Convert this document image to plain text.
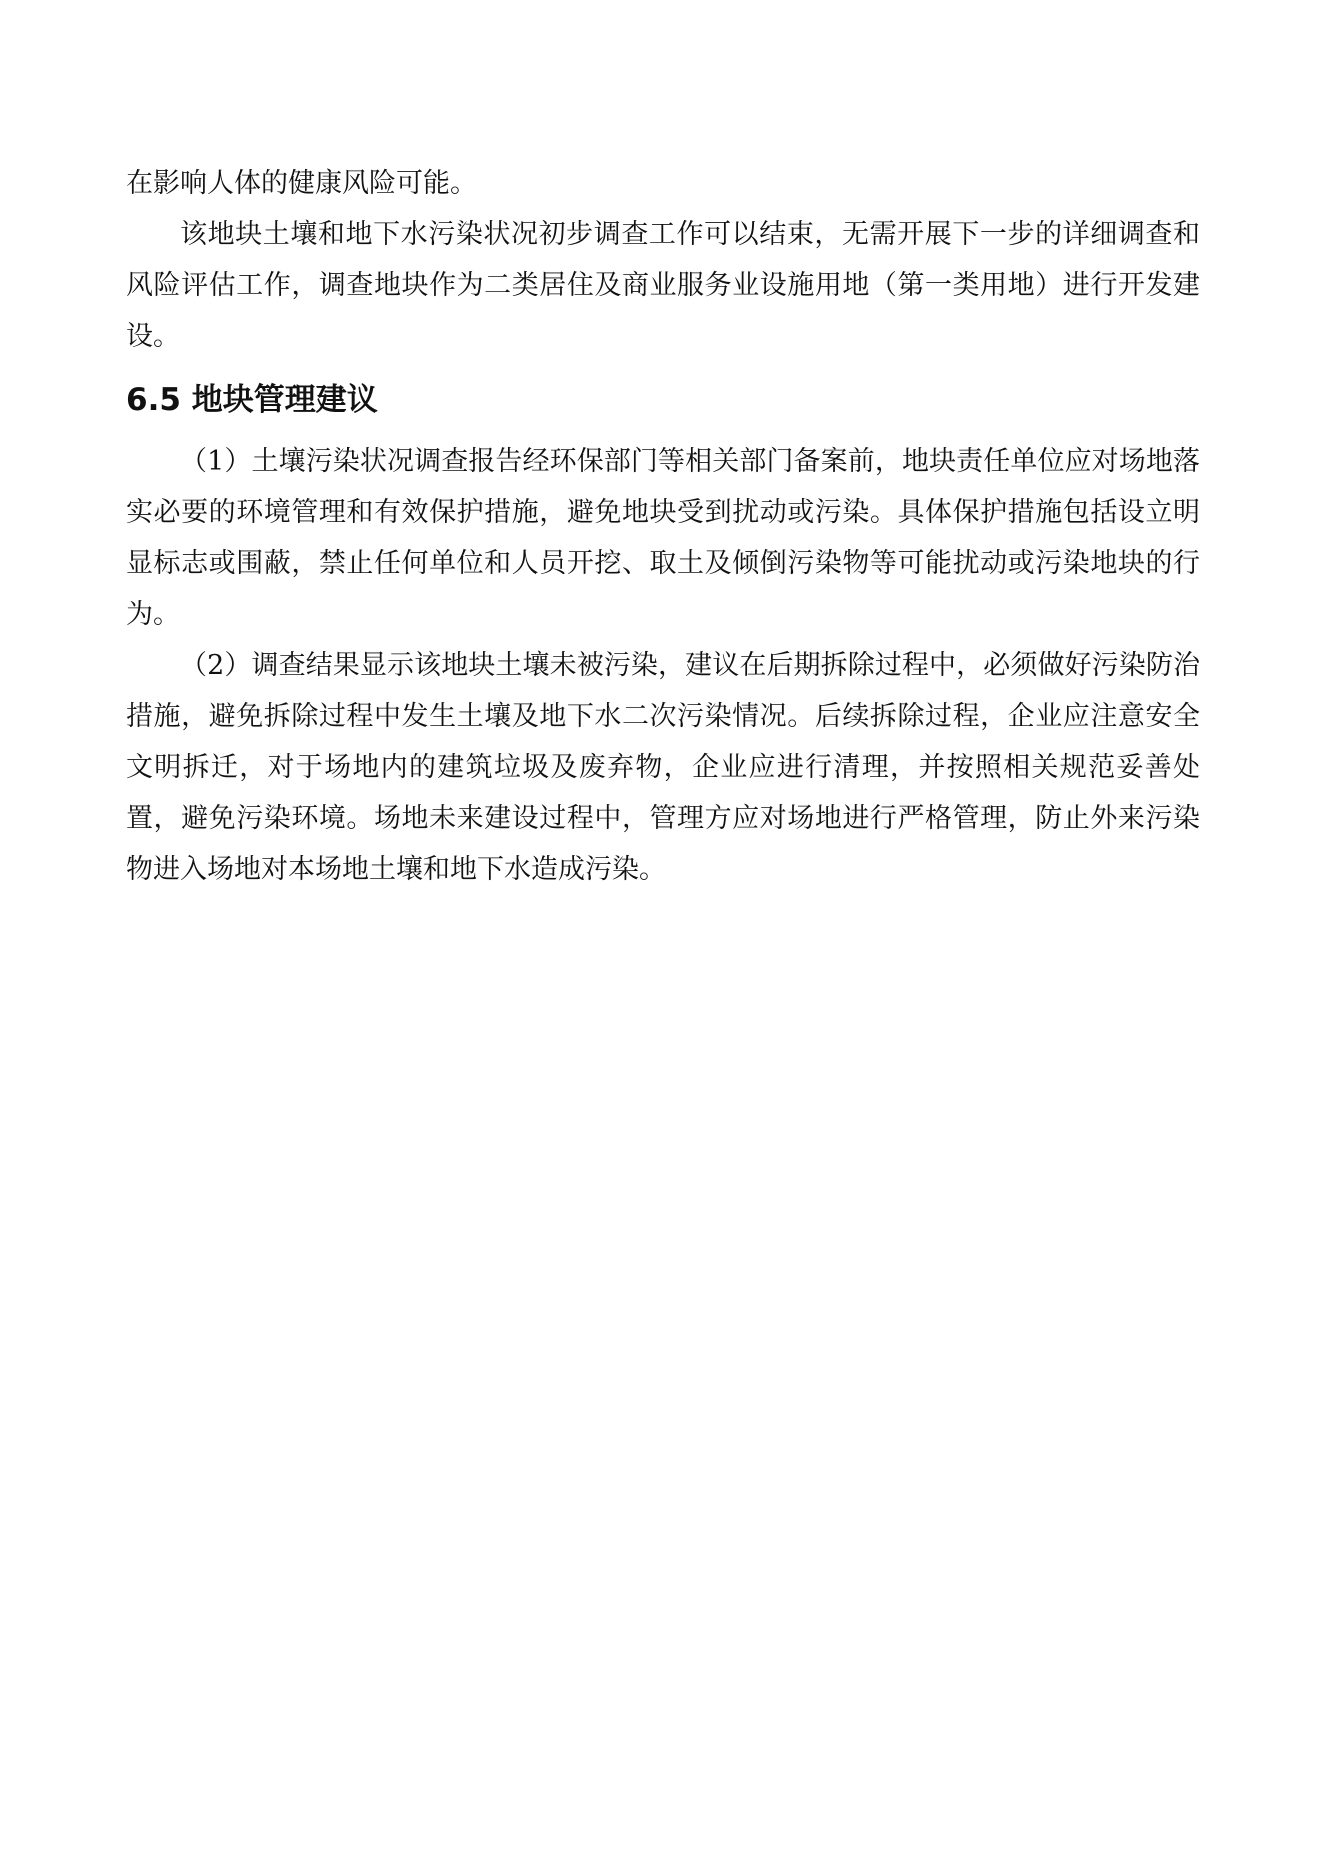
在影响人体的健康风险可能。

该地块土壤和地下水污染状况初步调查工作可以结束，无需开展下一步的详细调查和风险评估工作，调查地块作为二类居住及商业服务业设施用地（第一类用地）进行开发建设。

6.5 地块管理建议

（1）土壤污染状况调查报告经环保部门等相关部门备案前，地块责任单位应对场地落实必要的环境管理和有效保护措施，避免地块受到扰动或污染。具体保护措施包括设立明显标志或围蔽，禁止任何单位和人员开挖、取土及倾倒污染物等可能扰动或污染地块的行为。

（2）调查结果显示该地块土壤未被污染，建议在后期拆除过程中，必须做好污染防治措施，避免拆除过程中发生土壤及地下水二次污染情况。后续拆除过程，企业应注意安全文明拆迁，对于场地内的建筑垃圾及废弃物，企业应进行清理，并按照相关规范妥善处置，避免污染环境。场地未来建设过程中，管理方应对场地进行严格管理，防止外来污染物进入场地对本场地土壤和地下水造成污染。
